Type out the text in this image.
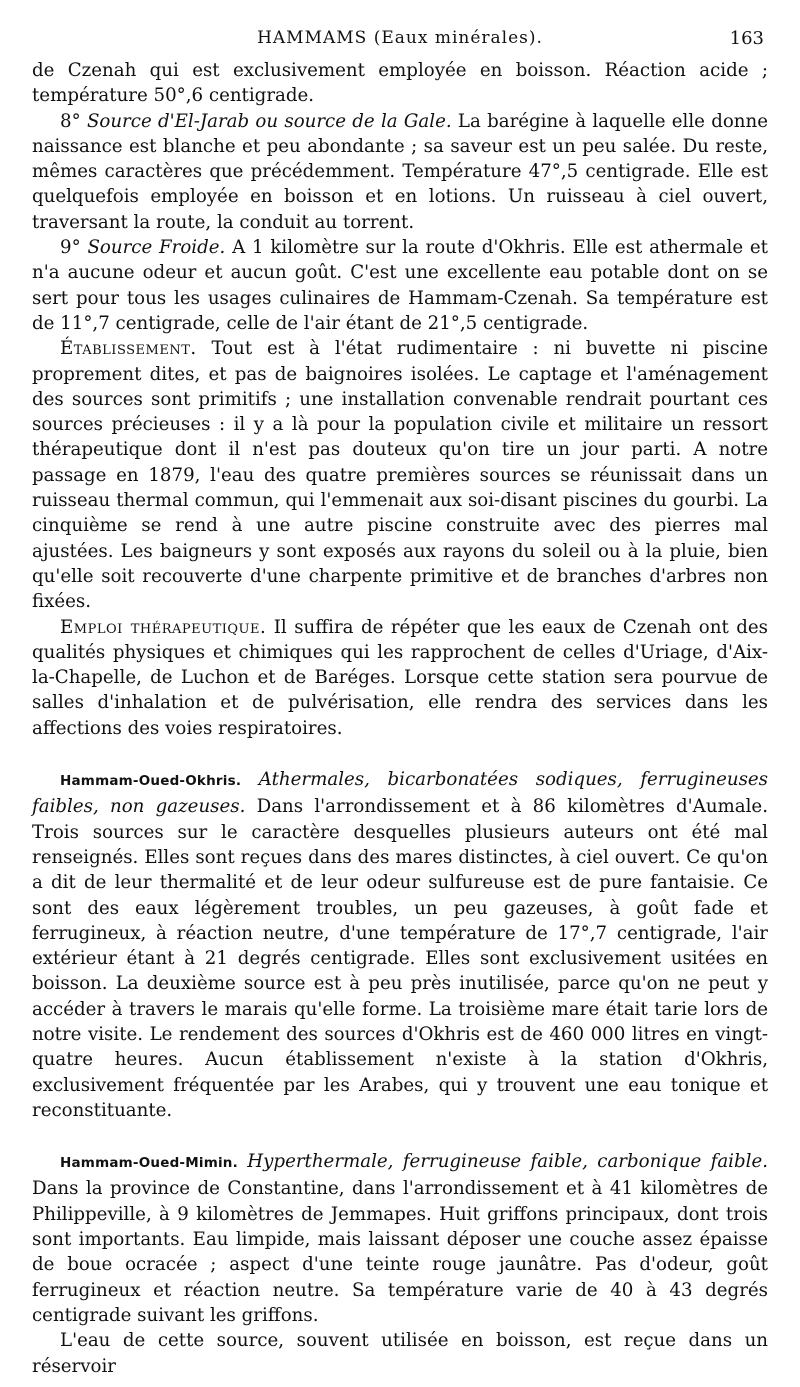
HAMMAMS (Eaux minérales).	163

de Czenah qui est exclusivement employée en boisson. Réaction acide ; température 50°,6 centigrade.

8° Source d'El-Jarab ou source de la Gale. La barégine à laquelle elle donne naissance est blanche et peu abondante ; sa saveur est un peu salée. Du reste, mêmes caractères que précédemment. Température 47°,5 centigrade. Elle est quelquefois employée en boisson et en lotions. Un ruisseau à ciel ouvert, traversant la route, la conduit au torrent.

9° Source Froide. A 1 kilomètre sur la route d'Okhris. Elle est athermale et n'a aucune odeur et aucun goût. C'est une excellente eau potable dont on se sert pour tous les usages culinaires de Hammam-Czenah. Sa température est de 11°,7 centigrade, celle de l'air étant de 21°,5 centigrade.

Établissement. Tout est à l'état rudimentaire : ni buvette ni piscine proprement dites, et pas de baignoires isolées. Le captage et l'aménagement des sources sont primitifs ; une installation convenable rendrait pourtant ces sources précieuses : il y a là pour la population civile et militaire un ressort thérapeutique dont il n'est pas douteux qu'on tire un jour parti. A notre passage en 1879, l'eau des quatre premières sources se réunissait dans un ruisseau thermal commun, qui l'emmenait aux soi-disant piscines du gourbi. La cinquième se rend à une autre piscine construite avec des pierres mal ajustées. Les baigneurs y sont exposés aux rayons du soleil ou à la pluie, bien qu'elle soit recouverte d'une charpente primitive et de branches d'arbres non fixées.

Emploi thérapeutique. Il suffira de répéter que les eaux de Czenah ont des qualités physiques et chimiques qui les rapprochent de celles d'Uriage, d'Aix-la-Chapelle, de Luchon et de Baréges. Lorsque cette station sera pourvue de salles d'inhalation et de pulvérisation, elle rendra des services dans les affections des voies respiratoires.

Hammam-Oued-Okhris. Athermales, bicarbonatées sodiques, ferrugineuses faibles, non gazeuses. Dans l'arrondissement et à 86 kilomètres d'Aumale. Trois sources sur le caractère desquelles plusieurs auteurs ont été mal renseignés. Elles sont reçues dans des mares distinctes, à ciel ouvert. Ce qu'on a dit de leur thermalité et de leur odeur sulfureuse est de pure fantaisie. Ce sont des eaux légèrement troubles, un peu gazeuses, à goût fade et ferrugineux, à réaction neutre, d'une température de 17°,7 centigrade, l'air extérieur étant à 21 degrés centigrade. Elles sont exclusivement usitées en boisson. La deuxième source est à peu près inutilisée, parce qu'on ne peut y accéder à travers le marais qu'elle forme. La troisième mare était tarie lors de notre visite. Le rendement des sources d'Okhris est de 460 000 litres en vingt-quatre heures. Aucun établissement n'existe à la station d'Okhris, exclusivement fréquentée par les Arabes, qui y trouvent une eau tonique et reconstituante.

Hammam-Oued-Mimin. Hyperthermale, ferrugineuse faible, carbonique faible. Dans la province de Constantine, dans l'arrondissement et à 41 kilomètres de Philippeville, à 9 kilomètres de Jemmapes. Huit griffons principaux, dont trois sont importants. Eau limpide, mais laissant déposer une couche assez épaisse de boue ocracée ; aspect d'une teinte rouge jaunâtre. Pas d'odeur, goût ferrugineux et réaction neutre. Sa température varie de 40 à 43 degrés centigrade suivant les griffons.

L'eau de cette source, souvent utilisée en boisson, est reçue dans un réservoir
